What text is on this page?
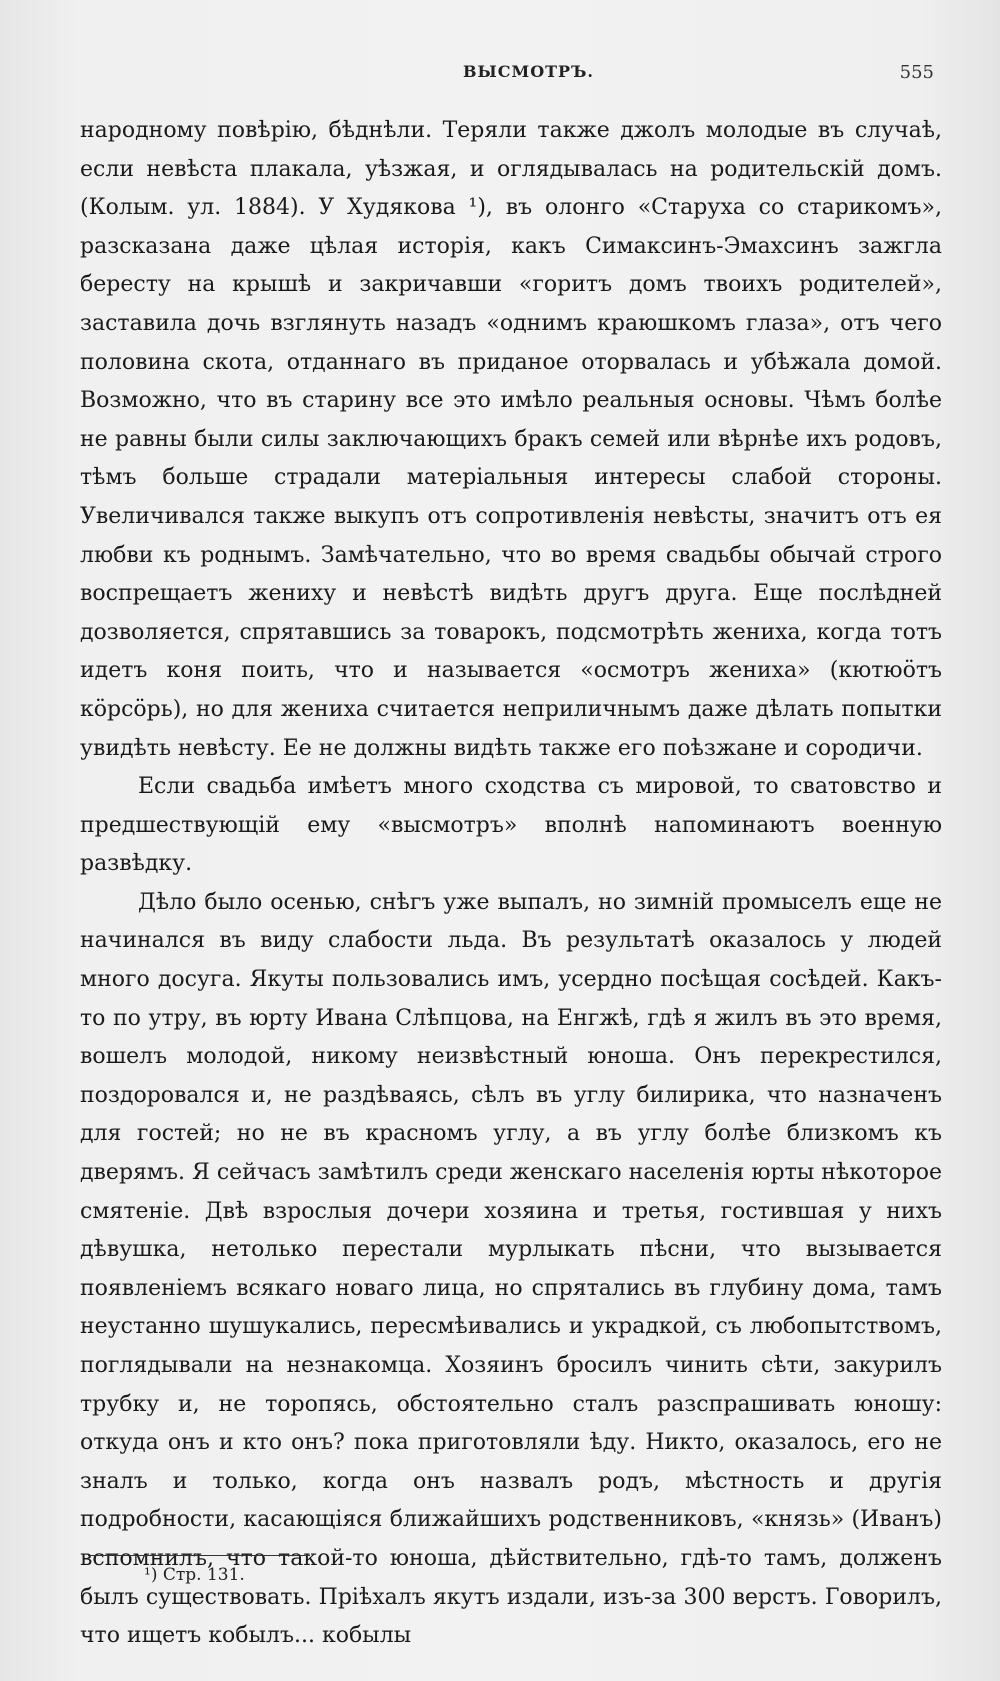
ВЫСМОТРЪ.	555

народному повѣрію, бѣднѣли. Теряли также джолъ молодые въ случаѣ, если невѣста плакала, уѣзжая, и оглядывалась на родительскій домъ. (Колым. ул. 1884). У Худякова ¹), въ олонго «Старуха со старикомъ», разсказана даже цѣлая исторія, какъ Симаксинъ-Эмахсинъ зажгла бересту на крышѣ и закричавши «горитъ домъ твоихъ родителей», заставила дочь взглянуть назадъ «однимъ краюшкомъ глаза», отъ чего половина скота, отданнаго въ приданое оторвалась и убѣжала домой. Возможно, что въ старину все это имѣло реальныя основы. Чѣмъ болѣе не равны были силы заключающихъ бракъ семей или вѣрнѣе ихъ родовъ, тѣмъ больше страдали матеріальныя интересы слабой стороны. Увеличивался также выкупъ отъ сопротивленія невѣсты, значитъ отъ ея любви къ роднымъ. Замѣчательно, что во время свадьбы обычай строго воспрещаетъ жениху и невѣстѣ видѣть другъ друга. Еще послѣдней дозволяется, спрятавшись за товарокъ, подсмотрѣть жениха, когда тотъ идетъ коня поить, что и называется «осмотръ жениха» (кютюöтъ кöрсöрь), но для жениха считается неприличнымъ даже дѣлать попытки увидѣть невѣсту. Ее не должны видѣть также его поѣзжане и сородичи.

Если свадьба имѣетъ много сходства съ мировой, то сватовство и предшествующій ему «высмотръ» вполнѣ напоминаютъ военную развѣдку.

Дѣло было осенью, снѣгъ уже выпалъ, но зимній промыселъ еще не начинался въ виду слабости льда. Въ результатѣ оказалось у людей много досуга. Якуты пользовались имъ, усердно посѣщая сосѣдей. Какъ-то по утру, въ юрту Ивана Слѣпцова, на Енгжѣ, гдѣ я жилъ въ это время, вошелъ молодой, никому неизвѣстный юноша. Онъ перекрестился, поздоровался и, не раздѣваясь, сѣлъ въ углу билирика, что назначенъ для гостей; но не въ красномъ углу, а въ углу болѣе близкомъ къ дверямъ. Я сейчасъ замѣтилъ среди женскаго населенія юрты нѣкоторое смятеніе. Двѣ взрослыя дочери хозяина и третья, гостившая у нихъ дѣвушка, нетолько перестали мурлыкать пѣсни, что вызывается появленіемъ всякаго новаго лица, но спрятались въ глубину дома, тамъ неустанно шушукались, пересмѣивались и украдкой, съ любопытствомъ, поглядывали на незнакомца. Хозяинъ бросилъ чинить сѣти, закурилъ трубку и, не торопясь, обстоятельно сталъ разспрашивать юношу: откуда онъ и кто онъ? пока приготовляли ѣду. Никто, оказалось, его не зналъ и только, когда онъ назвалъ родъ, мѣстность и другія подробности, касающіяся ближайшихъ родственниковъ, «князь» (Иванъ) вспомнилъ, что такой-то юноша, дѣйствительно, гдѣ-то тамъ, долженъ былъ существовать. Пріѣхалъ якутъ издали, изъ-за 300 верстъ. Говорилъ, что ищетъ кобылъ... кобылы

¹) Стр. 131.
